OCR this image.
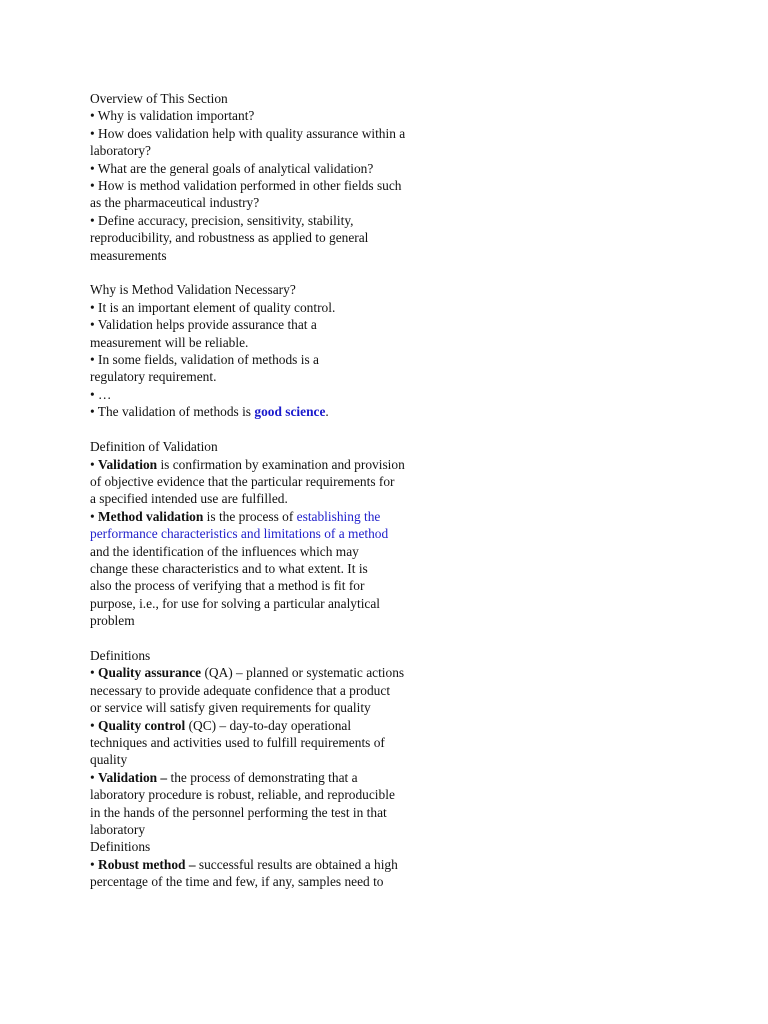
Overview of This Section
• Why is validation important?
• How does validation help with quality assurance within a
laboratory?
• What are the general goals of analytical validation?
• How is method validation performed in other fields such
as the pharmaceutical industry?
• Define accuracy, precision, sensitivity, stability,
reproducibility, and robustness as applied to general
measurements
Why is Method Validation Necessary?
• It is an important element of quality control.
• Validation helps provide assurance that a
measurement will be reliable.
• In some fields, validation of methods is a
regulatory requirement.
• …
• The validation of methods is good science.
Definition of Validation
• Validation is confirmation by examination and provision
of objective evidence that the particular requirements for
a specified intended use are fulfilled.
• Method validation is the process of establishing the
performance characteristics and limitations of a method
and the identification of the influences which may
change these characteristics and to what extent. It is
also the process of verifying that a method is fit for
purpose, i.e., for use for solving a particular analytical
problem
Definitions
• Quality assurance (QA) – planned or systematic actions
necessary to provide adequate confidence that a product
or service will satisfy given requirements for quality
• Quality control (QC) – day-to-day operational
techniques and activities used to fulfill requirements of
quality
• Validation – the process of demonstrating that a
laboratory procedure is robust, reliable, and reproducible
in the hands of the personnel performing the test in that
laboratory
Definitions
• Robust method – successful results are obtained a high
percentage of the time and few, if any, samples need to
